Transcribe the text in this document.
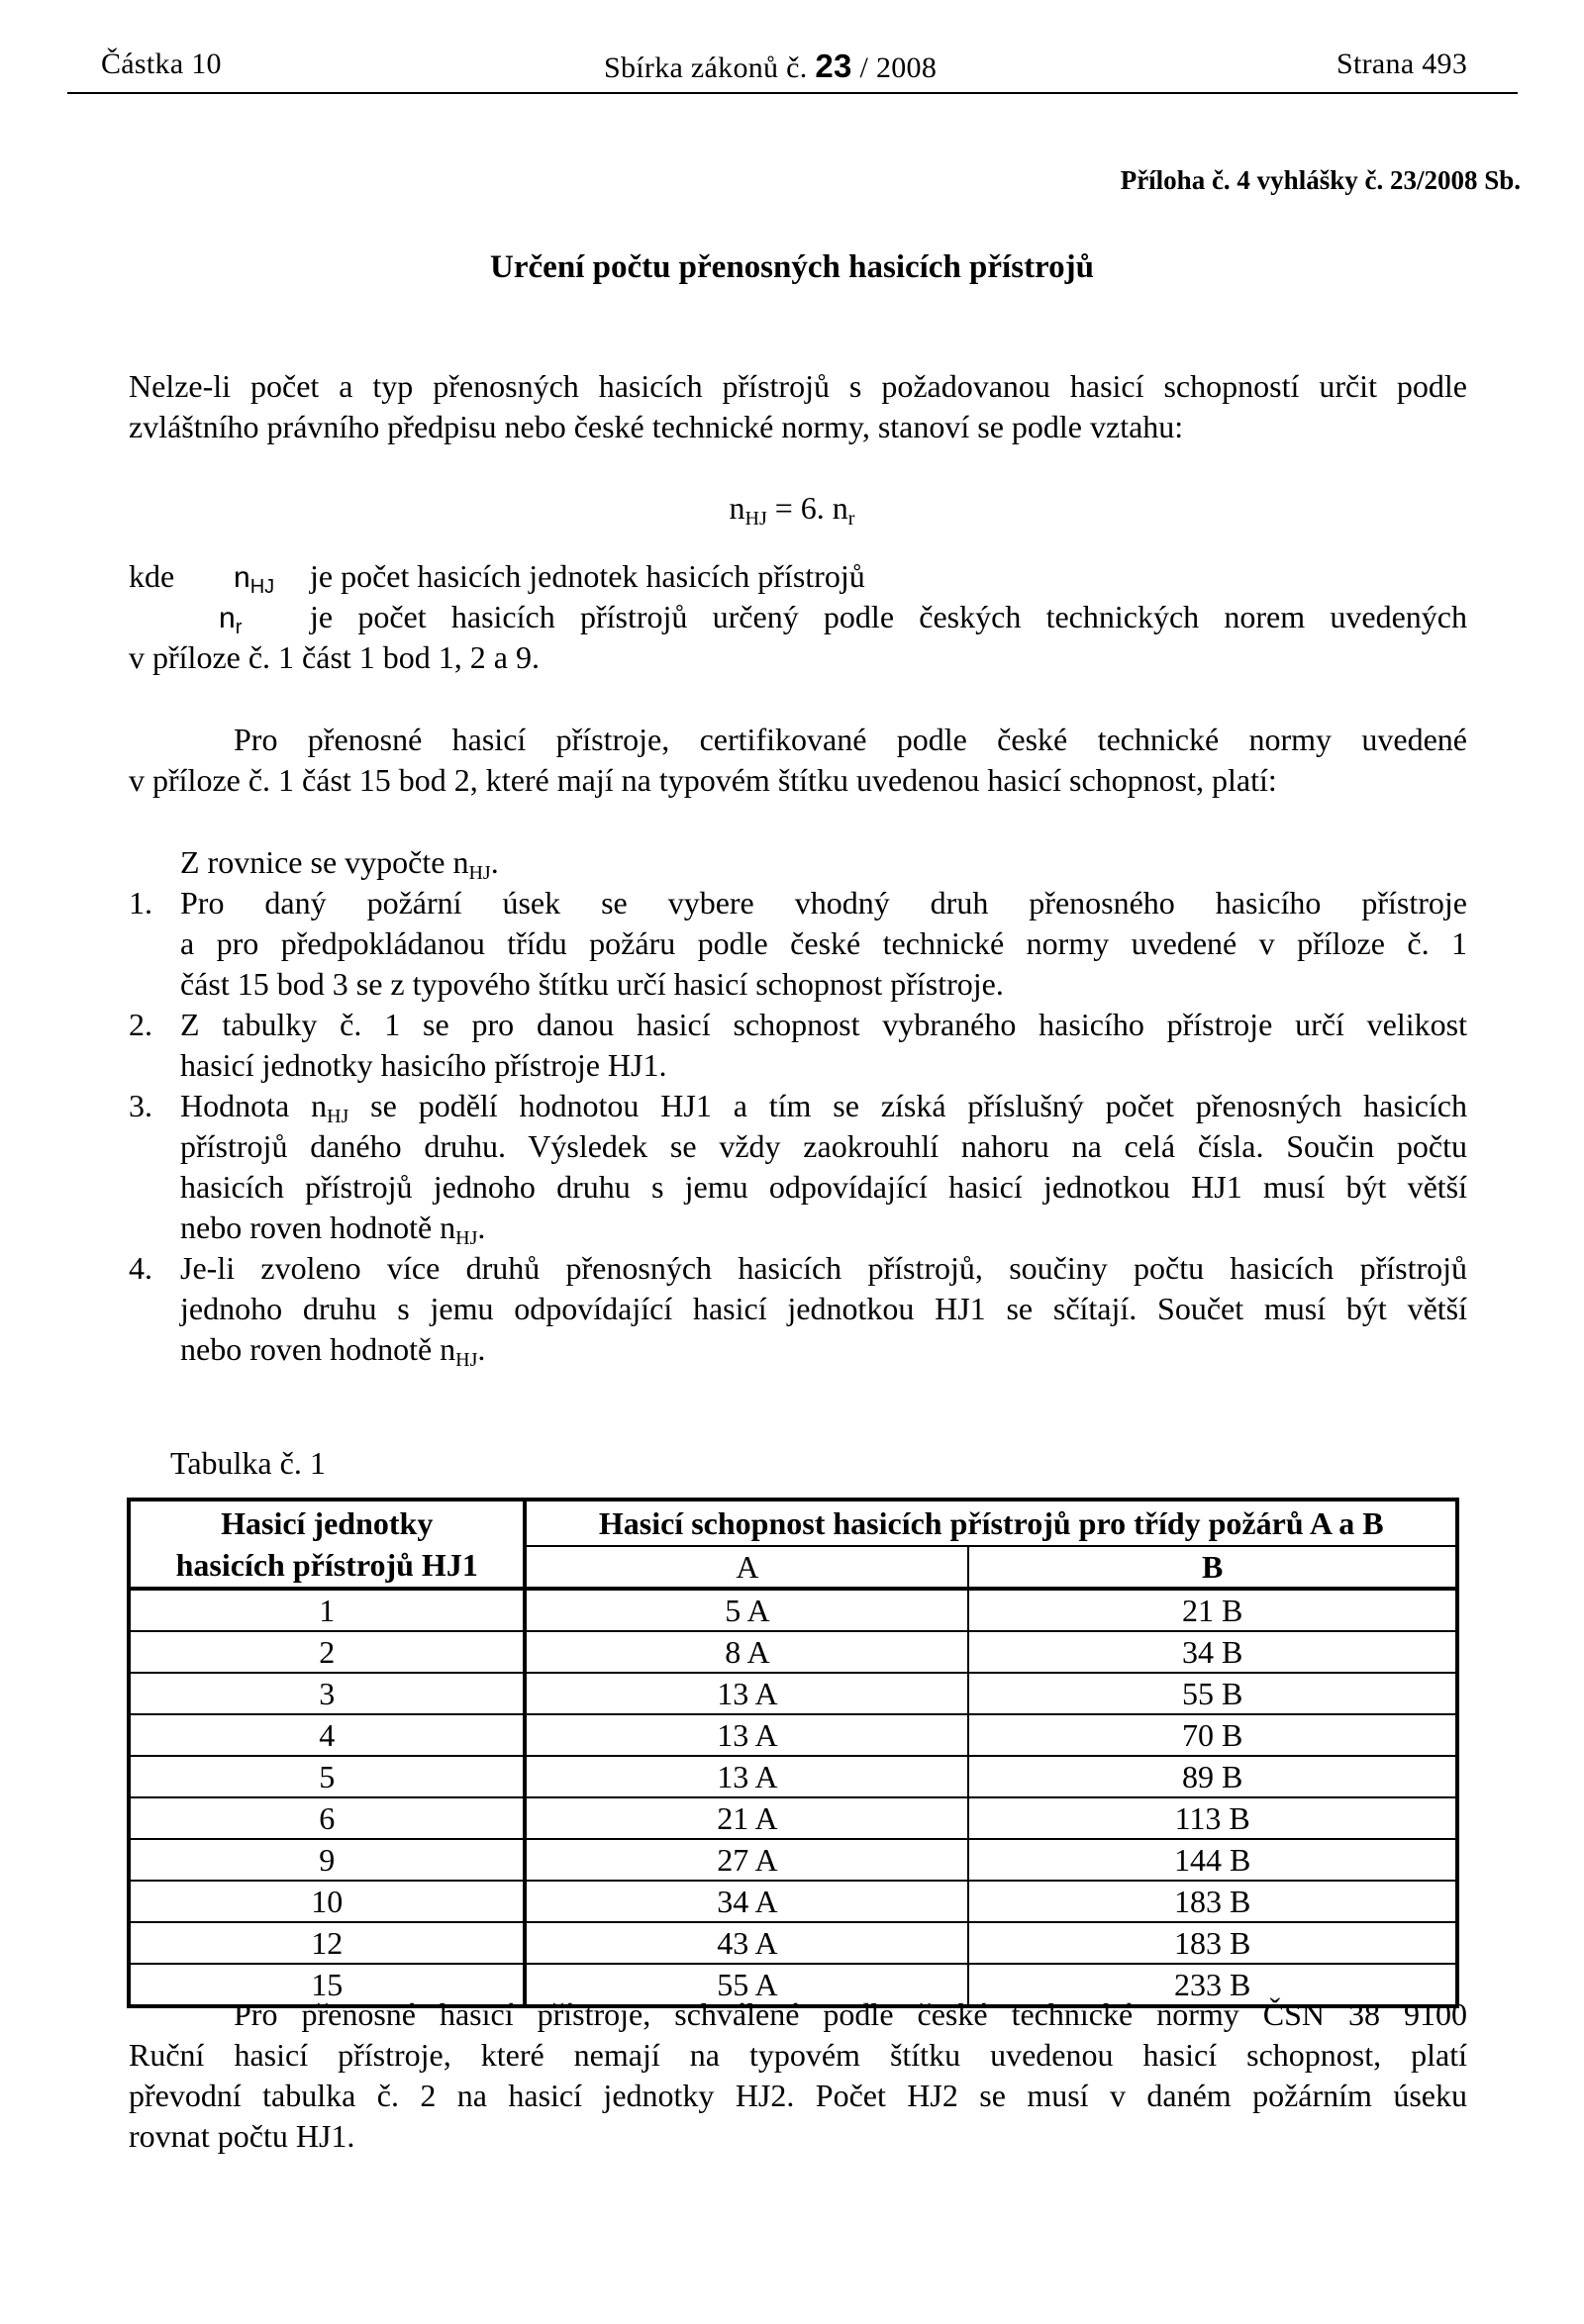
Částka 10	Sbírka zákonů č. 23 / 2008	Strana 493
Příloha č. 4 vyhlášky č. 23/2008 Sb.
Určení počtu přenosných hasicích přístrojů
Nelze-li počet a typ přenosných hasicích přístrojů s požadovanou hasicí schopností určit podle
zvláštního právního předpisu nebo české technické normy, stanoví se podle vztahu:
$n_{HJ} = 6$. $n_r$
kde $n_{HJ}$ je počet hasicích jednotek hasicích přístrojů
$n_r$ je počet hasicích přístrojů určený podle českých technických norem uvedených
v příloze č. 1 část 1 bod 1, 2 a 9.
Pro přenosné hasicí přístroje, certifikované podle české technické normy uvedené
v příloze č. 1 část 15 bod 2, které mají na typovém štítku uvedenou hasicí schopnost, platí:
Z rovnice se vypočte $n_{HJ}$.
1. Pro daný požární úsek se vybere vhodný druh přenosného hasicího přístroje
a pro předpokládanou třídu požáru podle české technické normy uvedené v příloze č. 1
část 15 bod 3 se z typového štítku určí hasicí schopnost přístroje.
2. Z tabulky č. 1 se pro danou hasicí schopnost vybraného hasicího přístroje určí velikost
hasicí jednotky hasicího přístroje HJ1.
3. Hodnota $n_{HJ}$ se podělí hodnotou HJ1 a tím se získá příslušný počet přenosných hasicích
přístrojů daného druhu. Výsledek se vždy zaokrouhlí nahoru na celá čísla. Součin počtu
hasicích přístrojů jednoho druhu s jemu odpovídající hasicí jednotkou HJ1 musí být větší
nebo roven hodnotě $n_{HJ}$.
4. Je-li zvoleno více druhů přenosných hasicích přístrojů, součiny počtu hasicích přístrojů
jednoho druhu s jemu odpovídající hasicí jednotkou HJ1 se sčítají. Součet musí být větší
nebo roven hodnotě $n_{HJ}$.
Tabulka č. 1
Hasicí jednotky
hasicích přístrojů HJ1	Hasicí schopnost hasicích přístrojů pro třídy požárů A a B	
	A	B
1	5 A	21 B
2	8 A	34 B
3	13 A	55 B
4	13 A	70 B
5	13 A	89 B
6	21 A	113 B
9	27 A	144 B
10	34 A	183 B
12	43 A	183 B
15	55 A	233 B
Pro přenosné hasicí přístroje, schválené podle české technické normy ČSN 38 9100
Ruční hasicí přístroje, které nemají na typovém štítku uvedenou hasicí schopnost, platí
převodní tabulka č. 2 na hasicí jednotky HJ2. Počet HJ2 se musí v daném požárním úseku
rovnat počtu HJ1.
